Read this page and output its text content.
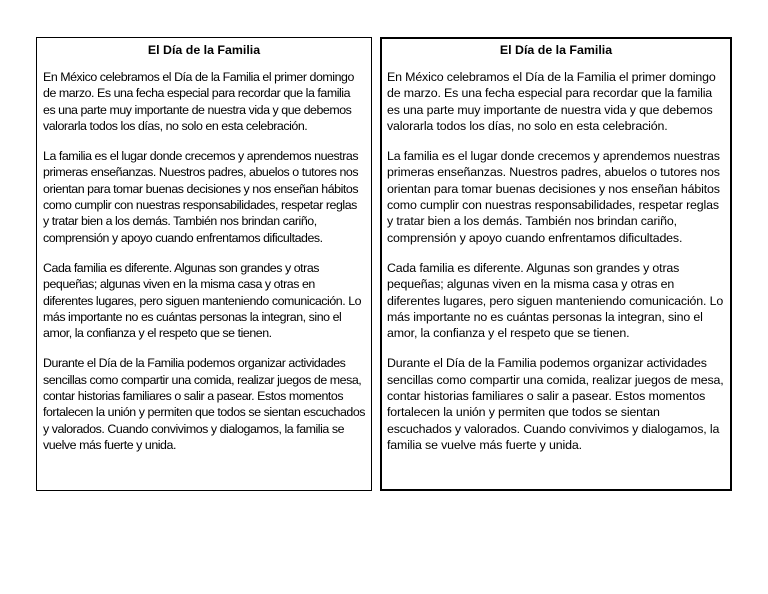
El Día de la Familia

En México celebramos el Día de la Familia el primer domingo de marzo. Es una fecha especial para recordar que la familia es una parte muy importante de nuestra vida y que debemos valorarla todos los días, no solo en esta celebración.

La familia es el lugar donde crecemos y aprendemos nuestras primeras enseñanzas. Nuestros padres, abuelos o tutores nos orientan para tomar buenas decisiones y nos enseñan hábitos como cumplir con nuestras responsabilidades, respetar reglas y tratar bien a los demás. También nos brindan cariño, comprensión y apoyo cuando enfrentamos dificultades.

Cada familia es diferente. Algunas son grandes y otras pequeñas; algunas viven en la misma casa y otras en diferentes lugares, pero siguen manteniendo comunicación. Lo más importante no es cuántas personas la integran, sino el amor, la confianza y el respeto que se tienen.

Durante el Día de la Familia podemos organizar actividades sencillas como compartir una comida, realizar juegos de mesa, contar historias familiares o salir a pasear. Estos momentos fortalecen la unión y permiten que todos se sientan escuchados y valorados. Cuando convivimos y dialogamos, la familia se vuelve más fuerte y unida.

El Día de la Familia

En México celebramos el Día de la Familia el primer domingo de marzo. Es una fecha especial para recordar que la familia es una parte muy importante de nuestra vida y que debemos valorarla todos los días, no solo en esta celebración.

La familia es el lugar donde crecemos y aprendemos nuestras primeras enseñanzas. Nuestros padres, abuelos o tutores nos orientan para tomar buenas decisiones y nos enseñan hábitos como cumplir con nuestras responsabilidades, respetar reglas y tratar bien a los demás. También nos brindan cariño, comprensión y apoyo cuando enfrentamos dificultades.

Cada familia es diferente. Algunas son grandes y otras pequeñas; algunas viven en la misma casa y otras en diferentes lugares, pero siguen manteniendo comunicación. Lo más importante no es cuántas personas la integran, sino el amor, la confianza y el respeto que se tienen.

Durante el Día de la Familia podemos organizar actividades sencillas como compartir una comida, realizar juegos de mesa, contar historias familiares o salir a pasear. Estos momentos fortalecen la unión y permiten que todos se sientan escuchados y valorados. Cuando convivimos y dialogamos, la familia se vuelve más fuerte y unida.
